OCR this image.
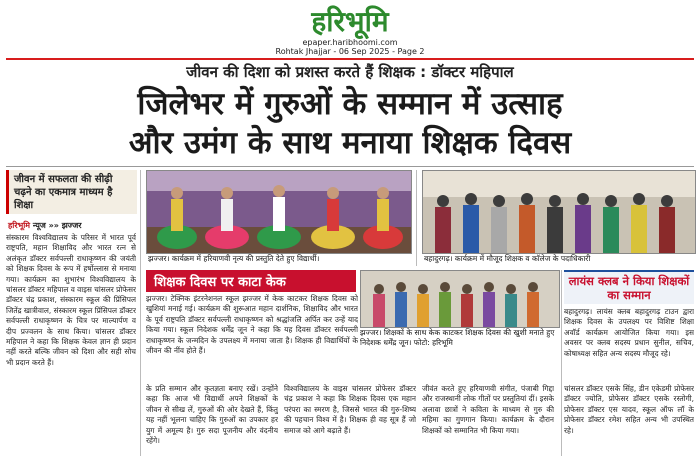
हरिभूमि
epaper.haribhoomi.com
Rohtak Jhajjar - 06 Sep 2025 - Page 2
जीवन की दिशा को प्रशस्त करते हैं शिक्षक : डॉक्टर महिपाल
जिलेभर में गुरुओं के सम्मान में उत्साह
और उमंग के साथ मनाया शिक्षक दिवस
जीवन में सफलता की सीढ़ी चढ़ने का एकमात्र माध्यम है शिक्षा
हरिभूमि न्यूज »» झज्जर
संस्कारम विश्वविद्यालय के परिसर में भारत पूर्व राष्ट्रपति, महान शिक्षाविद और भारत रत्न से अलंकृत डॉक्टर सर्वपल्ली राधाकृष्णन की जयंती को शिक्षक दिवस के रूप में हर्षोल्लास से मनाया गया। कार्यक्रम का शुभारंभ विश्वविद्यालय के चांसलर डॉक्टर महिपाल व वाइस चांसलर प्रोफेसर डॉक्टर चंद्र प्रकाश, संस्कारम स्कूल की प्रिंसिपल जितेंद्र खात्रीवाल, संस्कारम स्कूल प्रिंसिपल डॉक्टर सर्वपल्ली राधाकृष्णन के चित्र पर माल्यार्पण व दीप प्रज्वलन के साथ किया। चांसलर डॉक्टर महिपाल ने कहा कि शिक्षक केवल ज्ञान ही प्रदान नहीं करते बल्कि जीवन को दिशा और सही सोच भी प्रदान करते हैं।
झज्जर। कार्यक्रम में हरियाणवी नृत्य की प्रस्तुति देते हुए विद्यार्थी।	बहादुरगढ़। कार्यक्रम में मौजूद शिक्षक व कॉलेज के पदाधिकारी
शिक्षक दिवस पर काटा केक
झज्जर। टेक्निक इंटरनेशनल स्कूल झज्जर में केक काटकर शिक्षक दिवस को खुशियां मनाई गई। कार्यक्रम की शुरूआत महान दार्शनिक, शिक्षाविद और भारत के पूर्व राष्ट्रपति डॉक्टर सर्वपल्ली राधाकृष्णन को श्रद्धांजलि अर्पित कर उन्हें याद किया गया। स्कूल निदेशक धर्मेंद्र जून ने कहा कि यह दिवस डॉक्टर सर्वपल्ली राधाकृष्णन के जन्मदिन के उपलक्ष्य में मनाया जाता है। शिक्षक ही विद्यार्थियों के जीवन की नींव होते हैं।
झज्जर। शिक्षकों के साथ केक काटकर शिक्षक दिवस की खुशी मनाते हुए निदेशक धर्मेंद्र जून। फोटो: हरिभूमि
लायंस क्लब ने किया शिक्षकों का सम्मान
बहादुरगढ़। लायंस क्लब बहादुरगढ़ टाउन द्वारा शिक्षक दिवस के उपलक्ष्य पर विशिष्ट शिक्षा अवॉर्ड कार्यक्रम आयोजित किया गया। इस अवसर पर क्लब सदस्य प्रधान सुनील, सचिव, कोषाध्यक्ष सहित अन्य सदस्य मौजूद रहे।
के प्रति सम्मान और कृतज्ञता बनाए रखें। उन्होंने कहा कि आज भी विद्यार्थी अपने शिक्षकों के जीवन से सीख लें, गुरुओं की ओर देखते हैं, किंतु यह नहीं भूलना चाहिए कि गुरुओं का उपकार हर युग में अमूल्य है। गुरु सदा पूजनीय और वंदनीय रहेंगे।
विश्वविद्यालय के वाइस चांसलर प्रोफेसर डॉक्टर चंद्र प्रकाश ने कहा कि शिक्षक दिवस एक महान परंपरा का स्मरण है, जिससे भारत की गुरु-शिष्य की पहचान विश्व में है। शिक्षक ही वह सूत्र हैं जो समाज को आगे बढ़ाते हैं।
जीवंत करते हुए हरियाणवी संगीत, पंजाबी गिद्दा और राजस्थानी लोक गीतों पर प्रस्तुतियां दीं। इसके अलावा छात्रों ने कविता के माध्यम से गुरु की महिमा का गुणगान किया। कार्यक्रम के दौरान शिक्षकों को सम्मानित भी किया गया।
चांसलर डॉक्टर एसके सिंह, डीन एकेडमी प्रोफेसर डॉक्टर ज्योति, प्रोफेसर डॉक्टर एसके रस्तोगी, प्रोफेसर डॉक्टर एस यादव, स्कूल ऑफ लॉ के प्रोफेसर डॉक्टर रमेश सहित अन्य भी उपस्थित रहे।
